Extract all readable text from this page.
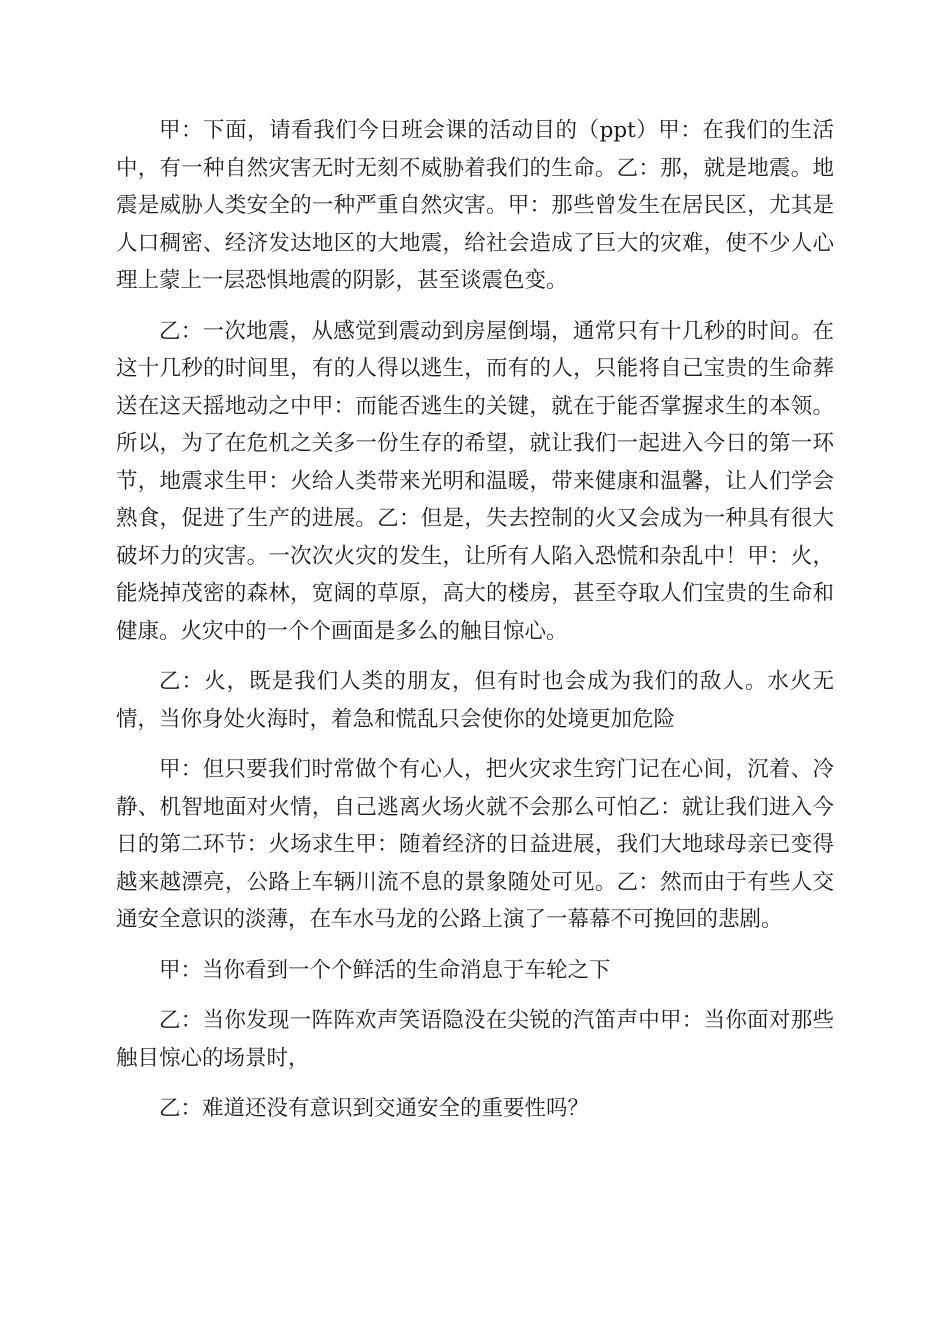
甲：下面，请看我们今日班会课的活动目的（ppt）甲：在我们的生活中，有一种自然灾害无时无刻不威胁着我们的生命。乙：那，就是地震。地震是威胁人类安全的一种严重自然灾害。甲：那些曾发生在居民区，尤其是人口稠密、经济发达地区的大地震，给社会造成了巨大的灾难，使不少人心理上蒙上一层恐惧地震的阴影，甚至谈震色变。

乙：一次地震，从感觉到震动到房屋倒塌，通常只有十几秒的时间。在这十几秒的时间里，有的人得以逃生，而有的人，只能将自己宝贵的生命葬送在这天摇地动之中甲：而能否逃生的关键，就在于能否掌握求生的本领。所以，为了在危机之关多一份生存的希望，就让我们一起进入今日的第一环节，地震求生甲：火给人类带来光明和温暖，带来健康和温馨，让人们学会熟食，促进了生产的进展。乙：但是，失去控制的火又会成为一种具有很大破坏力的灾害。一次次火灾的发生，让所有人陷入恐慌和杂乱中！甲：火，能烧掉茂密的森林，宽阔的草原，高大的楼房，甚至夺取人们宝贵的生命和健康。火灾中的一个个画面是多么的触目惊心。

乙：火，既是我们人类的朋友，但有时也会成为我们的敌人。水火无情，当你身处火海时，着急和慌乱只会使你的处境更加危险

甲：但只要我们时常做个有心人，把火灾求生窍门记在心间，沉着、冷静、机智地面对火情，自己逃离火场火就不会那么可怕乙：就让我们进入今日的第二环节：火场求生甲：随着经济的日益进展，我们大地球母亲已变得越来越漂亮，公路上车辆川流不息的景象随处可见。乙：然而由于有些人交通安全意识的淡薄，在车水马龙的公路上演了一幕幕不可挽回的悲剧。

甲：当你看到一个个鲜活的生命消息于车轮之下

乙：当你发现一阵阵欢声笑语隐没在尖锐的汽笛声中甲：当你面对那些触目惊心的场景时，

乙：难道还没有意识到交通安全的重要性吗？
